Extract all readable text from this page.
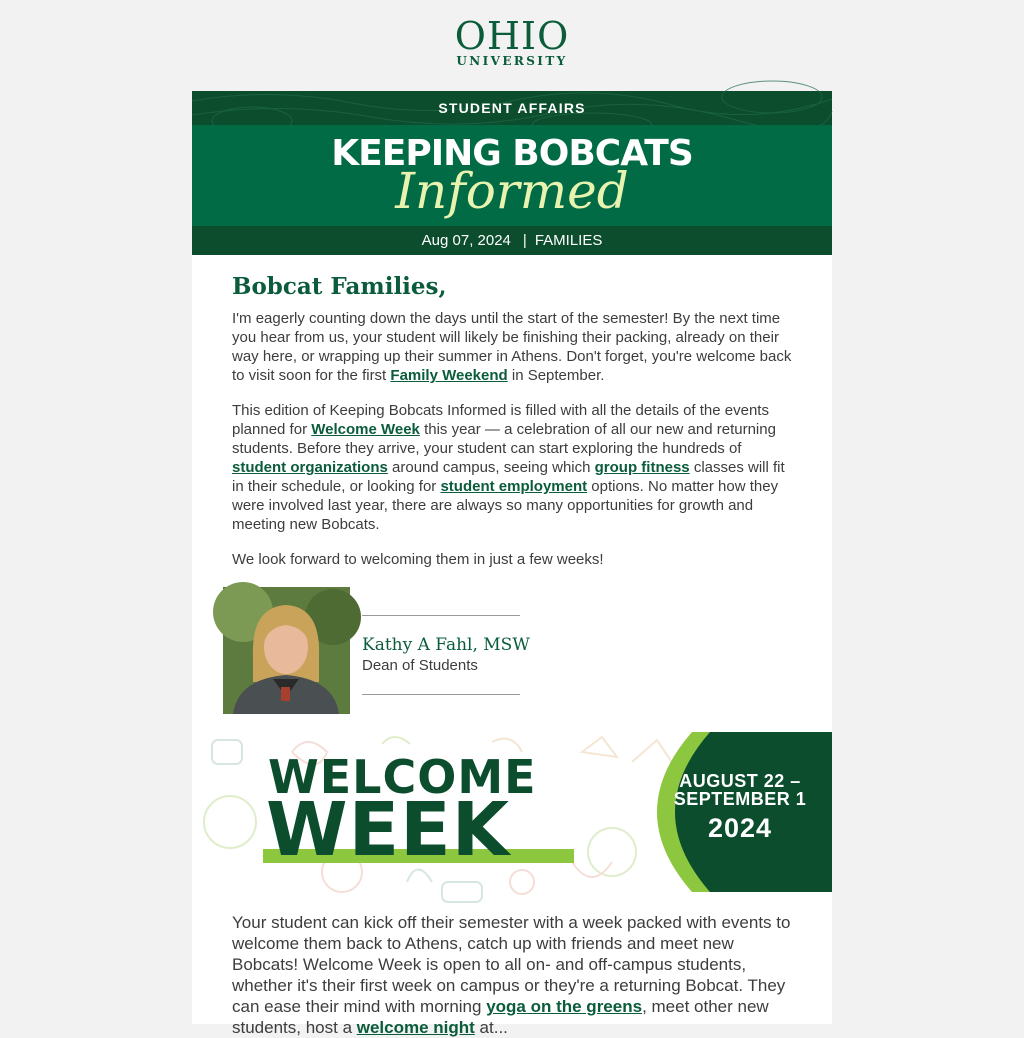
OHIO
UNIVERSITY
STUDENT AFFAIRS
KEEPING BOBCATS
Informed
Aug 07, 2024 | FAMILIES
Bobcat Families,

I'm eagerly counting down the days until the start of the semester! By the next time you hear from us, your student will likely be finishing their packing, already on their way here, or wrapping up their summer in Athens. Don't forget, you're welcome back to visit soon for the first Family Weekend in September.

This edition of Keeping Bobcats Informed is filled with all the details of the events planned for Welcome Week this year — a celebration of all our new and returning students. Before they arrive, your student can start exploring the hundreds of student organizations around campus, seeing which group fitness classes will fit in their schedule, or looking for student employment options. No matter how they were involved last year, there are always so many opportunities for growth and meeting new Bobcats.

We look forward to welcoming them in just a few weeks!

Kathy A Fahl, MSW
Dean of Students
WELCOME
WEEK
AUGUST 22 –
SEPTEMBER 1
2024
Your student can kick off their semester with a week packed with events to welcome them back to Athens, catch up with friends and meet new Bobcats! Welcome Week is open to all on- and off-campus students, whether it's their first week on campus or they're a returning Bobcat. They can ease their mind with morning yoga on the greens, meet other new students, host a welcome night at...
